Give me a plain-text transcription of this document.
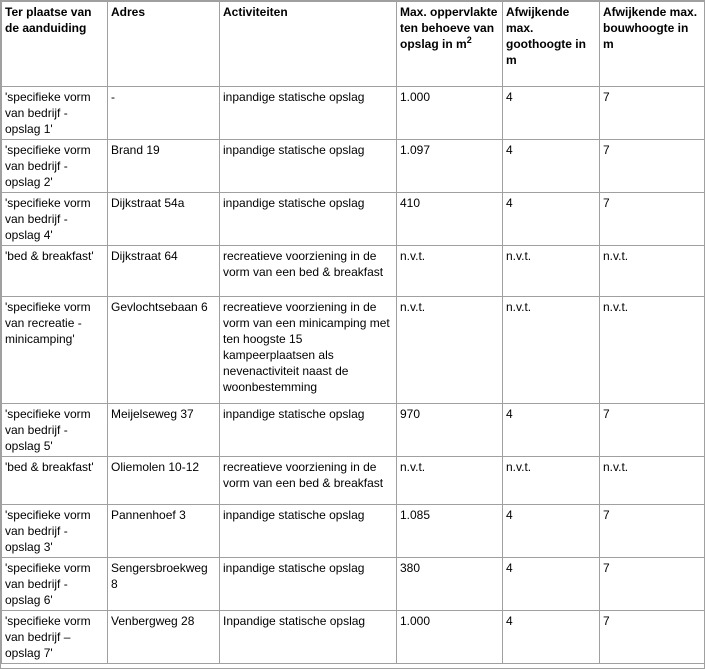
Ter plaatse van de aanduiding	Adres	Activiteiten	Max. oppervlakte ten behoeve van opslag in $m^2$	Afwijkende max. goothoogte in m	Afwijkende max. bouwhoogte in m
'specifieke vorm van bedrijf - opslag 1'	-	inpandige statische opslag	1.000	4	7
'specifieke vorm van bedrijf - opslag 2'	Brand 19	inpandige statische opslag	1.097	4	7
'specifieke vorm van bedrijf - opslag 4'	Dijkstraat 54a	inpandige statische opslag	410	4	7
'bed & breakfast'	Dijkstraat 64	recreatieve voorziening in de vorm van een bed & breakfast	n.v.t.	n.v.t.	n.v.t.
'specifieke vorm van recreatie - minicamping'	Gevlochtsebaan 6	recreatieve voorziening in de vorm van een minicamping met ten hoogste 15 kampeerplaatsen als nevenactiviteit naast de woonbestemming	n.v.t.	n.v.t.	n.v.t.
'specifieke vorm van bedrijf - opslag 5'	Meijelseweg 37	inpandige statische opslag	970	4	7
'bed & breakfast'	Oliemolen 10-12	recreatieve voorziening in de vorm van een bed & breakfast	n.v.t.	n.v.t.	n.v.t.
'specifieke vorm van bedrijf - opslag 3'	Pannenhoef 3	inpandige statische opslag	1.085	4	7
'specifieke vorm van bedrijf - opslag 6'	Sengersbroekweg 8	inpandige statische opslag	380	4	7
'specifieke vorm van bedrijf – opslag 7'	Venbergweg 28	Inpandige statische opslag	1.000	4	7
